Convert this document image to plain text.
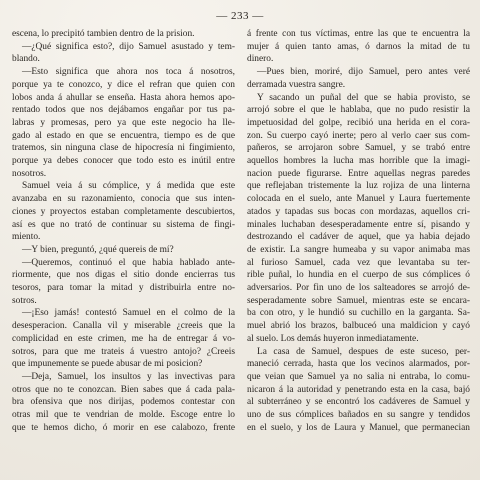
— 233 —
escena, lo precipitó tambien dentro de la prision.
—¿Qué significa esto?, dijo Samuel asustado y tem-
blando.
—Esto significa que ahora nos toca á nosotros,
porque ya te conozco, y dice el refran que quien con
lobos anda á ahullar se enseña. Hasta ahora hemos apo-
rentado todos que nos dejábamos engañar por tus pa-
labras y promesas, pero ya que este negocio ha lle-
gado al estado en que se encuentra, tiempo es de que
tratemos, sin ninguna clase de hipocresía ni fingimiento,
porque ya debes conocer que todo esto es inútil entre
nosotros.
Samuel veia á su cómplice, y á medida que este
avanzaba en su razonamiento, conocia que sus inten-
ciones y proyectos estaban completamente descubiertos,
así es que no trató de continuar su sistema de fingi-
miento.
—Y bien, preguntó, ¿qué quereis de mí?
—Queremos, continuó el que habia hablado ante-
riormente, que nos digas el sitio donde encierras tus
tesoros, para tomar la mitad y distribuirla entre no-
sotros.
—¡Eso jamás! contestó Samuel en el colmo de la
desesperacion. Canalla vil y miserable ¿creeis que la
complicidad en este crimen, me ha de entregar á vo-
sotros, para que me trateis á vuestro antojo? ¿Creeis
que impunemente se puede abusar de mi posicion?
—Deja, Samuel, los insultos y las invectivas para
otros que no te conozcan. Bien sabes que á cada pala-
bra ofensiva que nos dirijas, podemos contestar con
otras mil que te vendrian de molde. Escoge entre lo
que te hemos dicho, ó morir en ese calabozo, frente
á frente con tus víctimas, entre las que te encuentra la
mujer á quien tanto amas, ó darnos la mitad de tu
dinero.
—Pues bien, moriré, dijo Samuel, pero antes veré
derramada vuestra sangre.
Y sacando un puñal del que se habia provisto, se
arrojó sobre el que le hablaba, que no pudo resistir la
impetuosidad del golpe, recibió una herida en el cora-
zon. Su cuerpo cayó inerte; pero al verlo caer sus com-
pañeros, se arrojaron sobre Samuel, y se trabó entre
aquellos hombres la lucha mas horrible que la imagi-
nacion puede figurarse. Entre aquellas negras paredes
que reflejaban tristemente la luz rojiza de una linterna
colocada en el suelo, ante Manuel y Laura fuertemente
atados y tapadas sus bocas con mordazas, aquellos cri-
minales luchaban desesperadamente entre sí, pisando y
destrozando el cadáver de aquel, que ya habia dejado
de existir. La sangre humeaba y su vapor animaba mas
al furioso Samuel, cada vez que levantaba su ter-
rible puñal, lo hundia en el cuerpo de sus cómplices ó
adversarios. Por fin uno de los salteadores se arrojó de-
sesperadamente sobre Samuel, mientras este se encara-
ba con otro, y le hundió su cuchillo en la garganta. Sa-
muel abrió los brazos, balbuceó una maldicion y cayó
al suelo. Los demás huyeron inmediatamente.
La casa de Samuel, despues de este suceso, per-
maneció cerrada, hasta que los vecinos alarmados, por-
que veian que Samuel ya no salia ni entraba, lo comu-
nicaron á la autoridad y penetrando esta en la casa, bajó
al subterráneo y se encontró los cadáveres de Samuel y
uno de sus cómplices bañados en su sangre y tendidos
en el suelo, y los de Laura y Manuel, que permanecian
